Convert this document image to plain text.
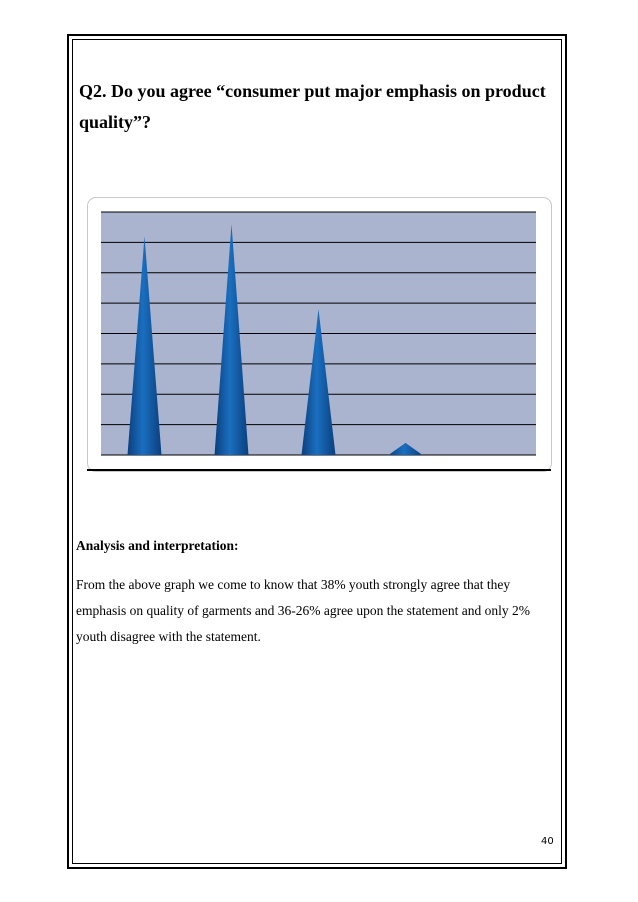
Q2. Do you agree “consumer put major emphasis on product quality”?

Analysis and interpretation:

From the above graph we come to know that 38% youth strongly agree that they emphasis on quality of garments and 36-26% agree upon the statement and only 2% youth disagree with the statement.

40
